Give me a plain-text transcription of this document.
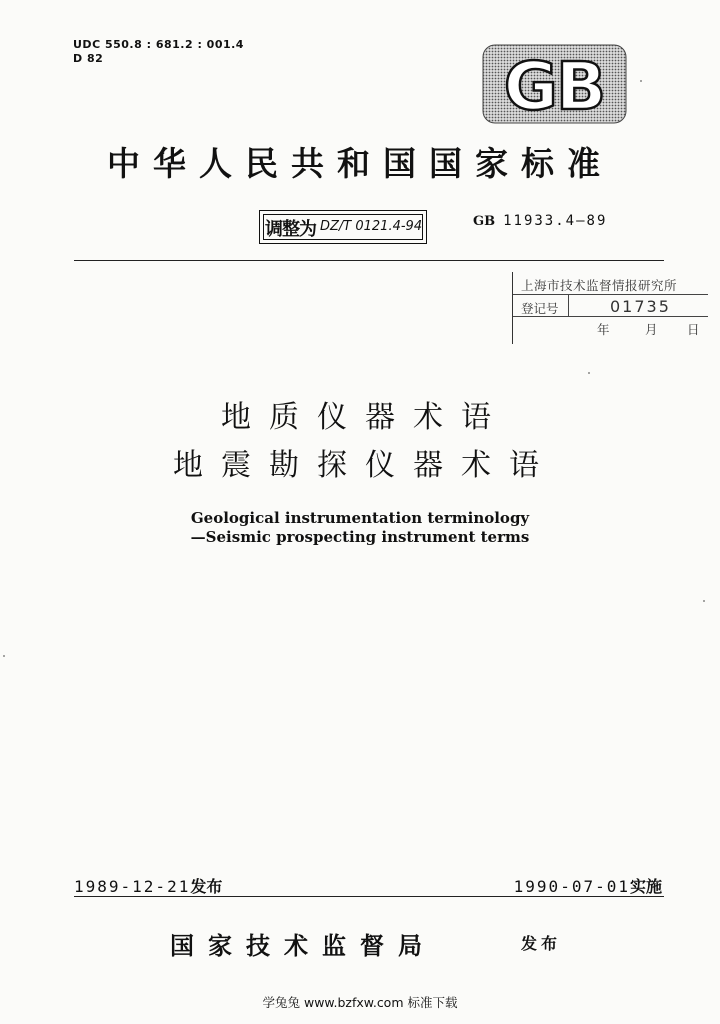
UDC 550.8 : 681.2 : 001.4
D 82	GB
中华人民共和国国家标准
调整为 DZ/T 0121.4-94	GB 11933.4—89
上海市技术监督情报研究所
登记号	01735
年	月 日
地质仪器术语
地震勘探仪器术语
Geological instrumentation terminology
—Seismic prospecting instrument terms
1989-12-21发布	1990-07-01实施
国家技术监督局	发布
学兔兔 www.bzfxw.com 标准下载
